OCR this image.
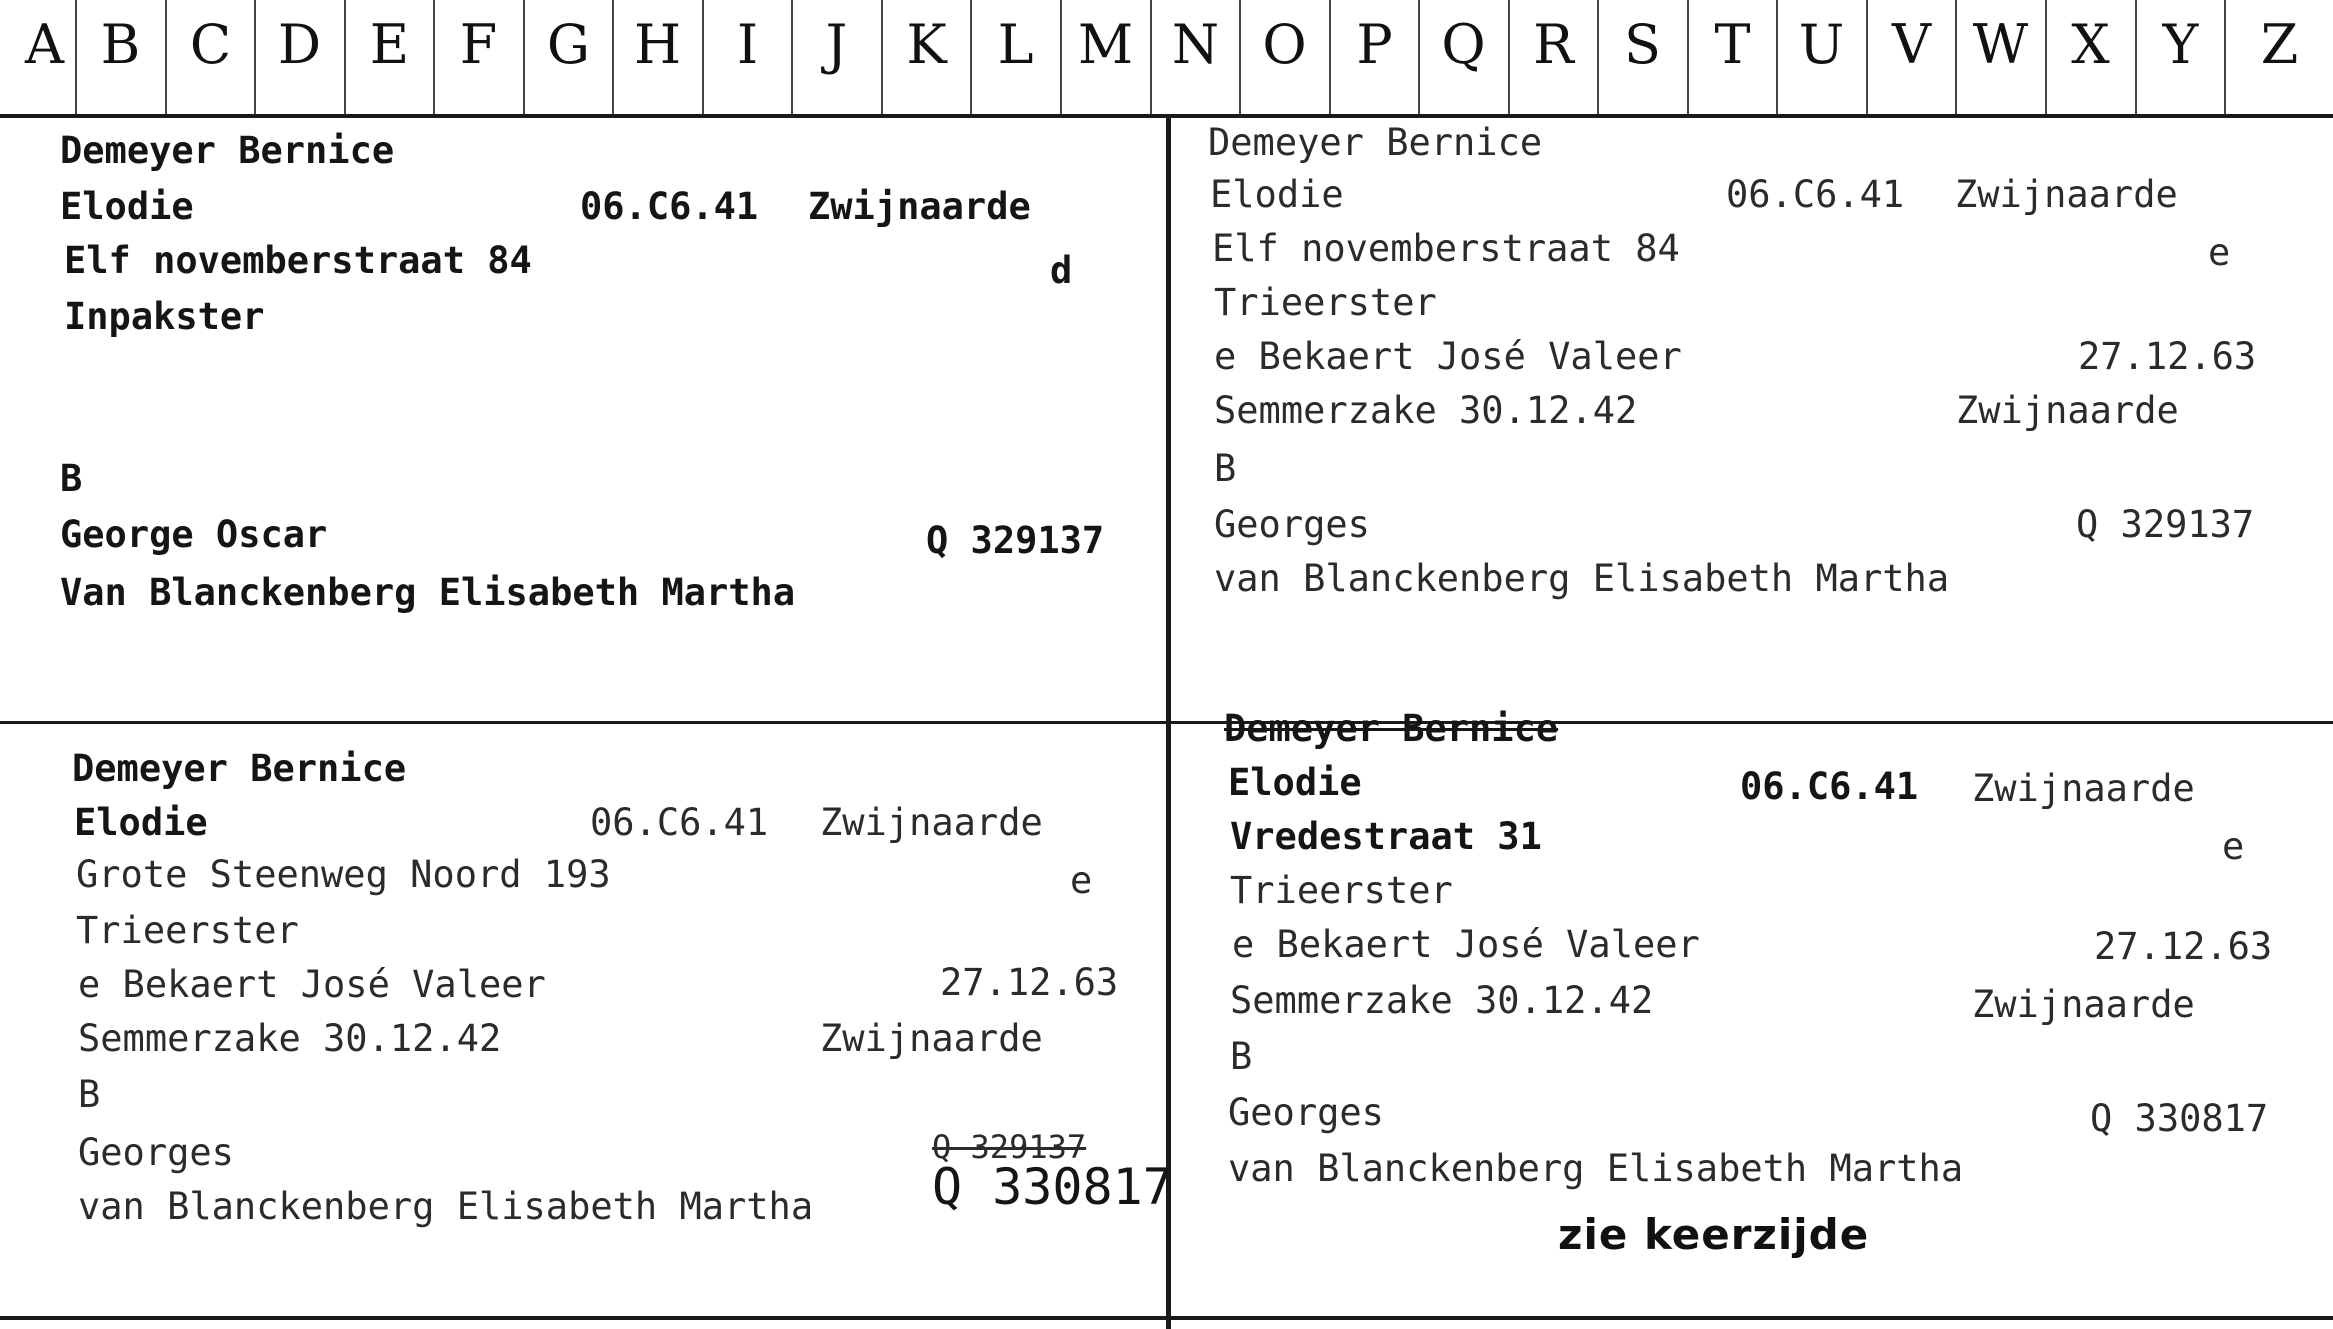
A B C D E F G H	I	J	K L M N O P Q R S T U V W X Y	Z
Demeyer Bernice
Elodie	06.C6.41 Zwijnaarde
Elf novemberstraat 84	d
Inpakster
B
George Oscar	Q 329137
Van Blanckenberg Elisabeth Martha
Demeyer Bernice
Elodie	06.C6.41 Zwijnaarde
Elf novemberstraat 84	e
Trieerster
e Bekaert José Valeer	27.12.63
Semmerzake 30.12.42	Zwijnaarde
B
Georges	Q 329137
van Blanckenberg Elisabeth Martha
Demeyer Bernice
Elodie	06.C6.41 Zwijnaarde
Grote Steenweg Noord 193	e
Trieerster
e Bekaert José Valeer	27.12.63
Semmerzake 30.12.42	Zwijnaarde
B
Georges	Q 329137
van Blanckenberg Elisabeth Martha Q 330817
Demeyer Bernice
Elodie	06.C6.41 Zwijnaarde
Vredestraat 31	e
Trieerster
e Bekaert José Valeer	27.12.63
Semmerzake 30.12.42	Zwijnaarde
B
Georges	Q 330817
van Blanckenberg Elisabeth Martha
zie keerzijde
